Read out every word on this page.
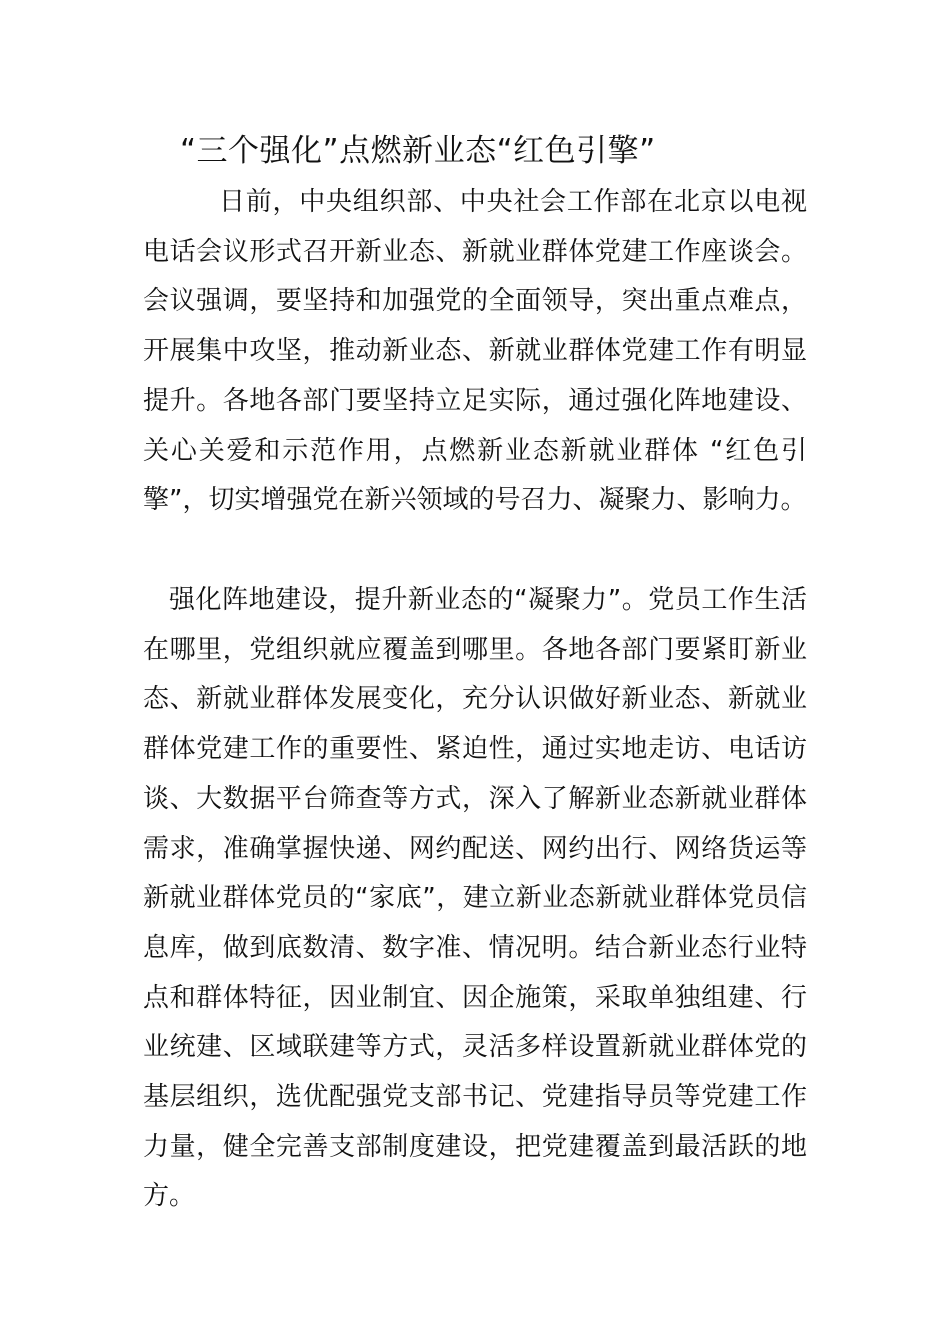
“三个强化”点燃新业态“红色引擎”

日前，中央组织部、中央社会工作部在北京以电视电话会议形式召开新业态、新就业群体党建工作座谈会。会议强调，要坚持和加强党的全面领导，突出重点难点，开展集中攻坚，推动新业态、新就业群体党建工作有明显提升。各地各部门要坚持立足实际，通过强化阵地建设、关心关爱和示范作用，点燃新业态新就业群体 “红色引擎”，切实增强党在新兴领域的号召力、凝聚力、影响力。

强化阵地建设，提升新业态的“凝聚力”。党员工作生活在哪里，党组织就应覆盖到哪里。各地各部门要紧盯新业态、新就业群体发展变化，充分认识做好新业态、新就业群体党建工作的重要性、紧迫性，通过实地走访、电话访谈、大数据平台筛查等方式，深入了解新业态新就业群体需求，准确掌握快递、网约配送、网约出行、网络货运等新就业群体党员的“家底”，建立新业态新就业群体党员信息库，做到底数清、数字准、情况明。结合新业态行业特点和群体特征，因业制宜、因企施策，采取单独组建、行业统建、区域联建等方式，灵活多样设置新就业群体党的基层组织，选优配强党支部书记、党建指导员等党建工作力量，健全完善支部制度建设，把党建覆盖到最活跃的地方。
